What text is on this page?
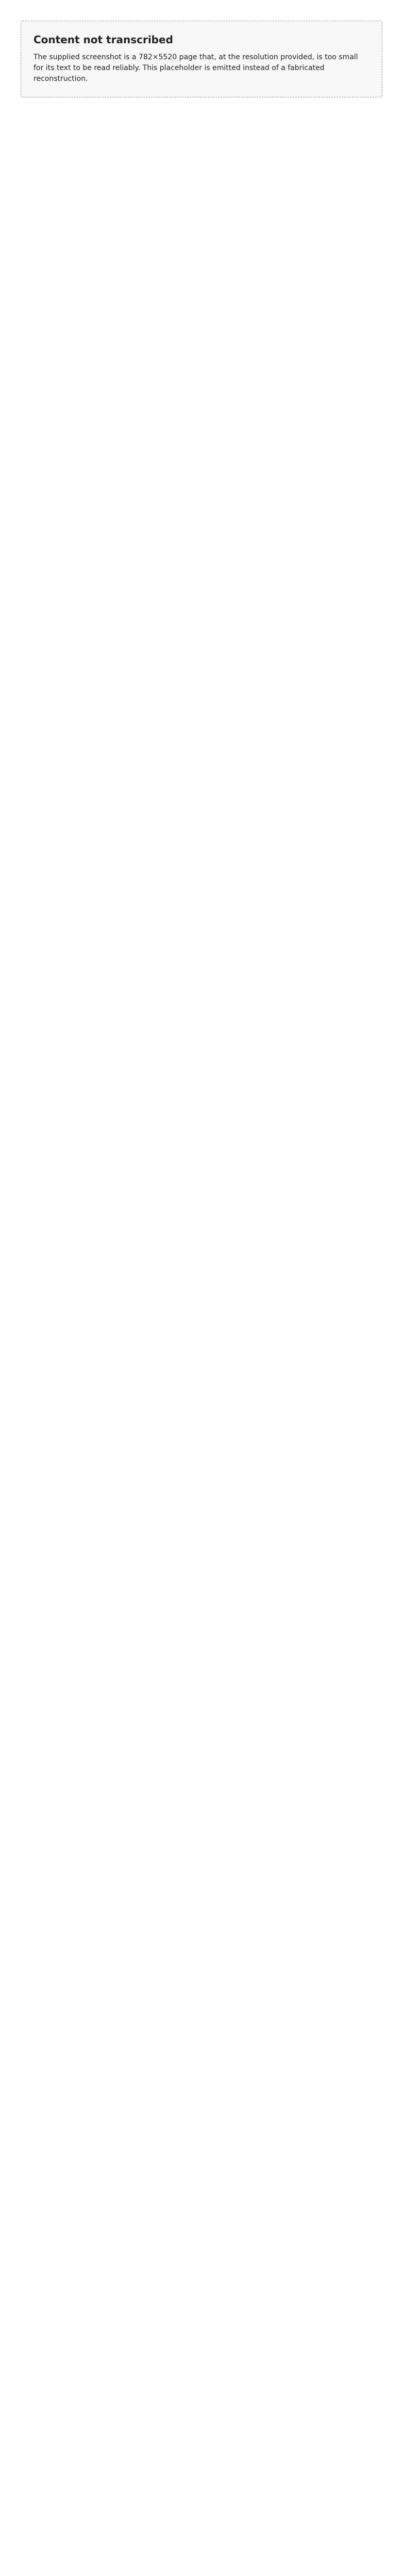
Content not transcribed

The supplied screenshot is a 782×5520 page that, at the resolution provided, is too small for its text to be read reliably. This placeholder is emitted instead of a fabricated reconstruction.
